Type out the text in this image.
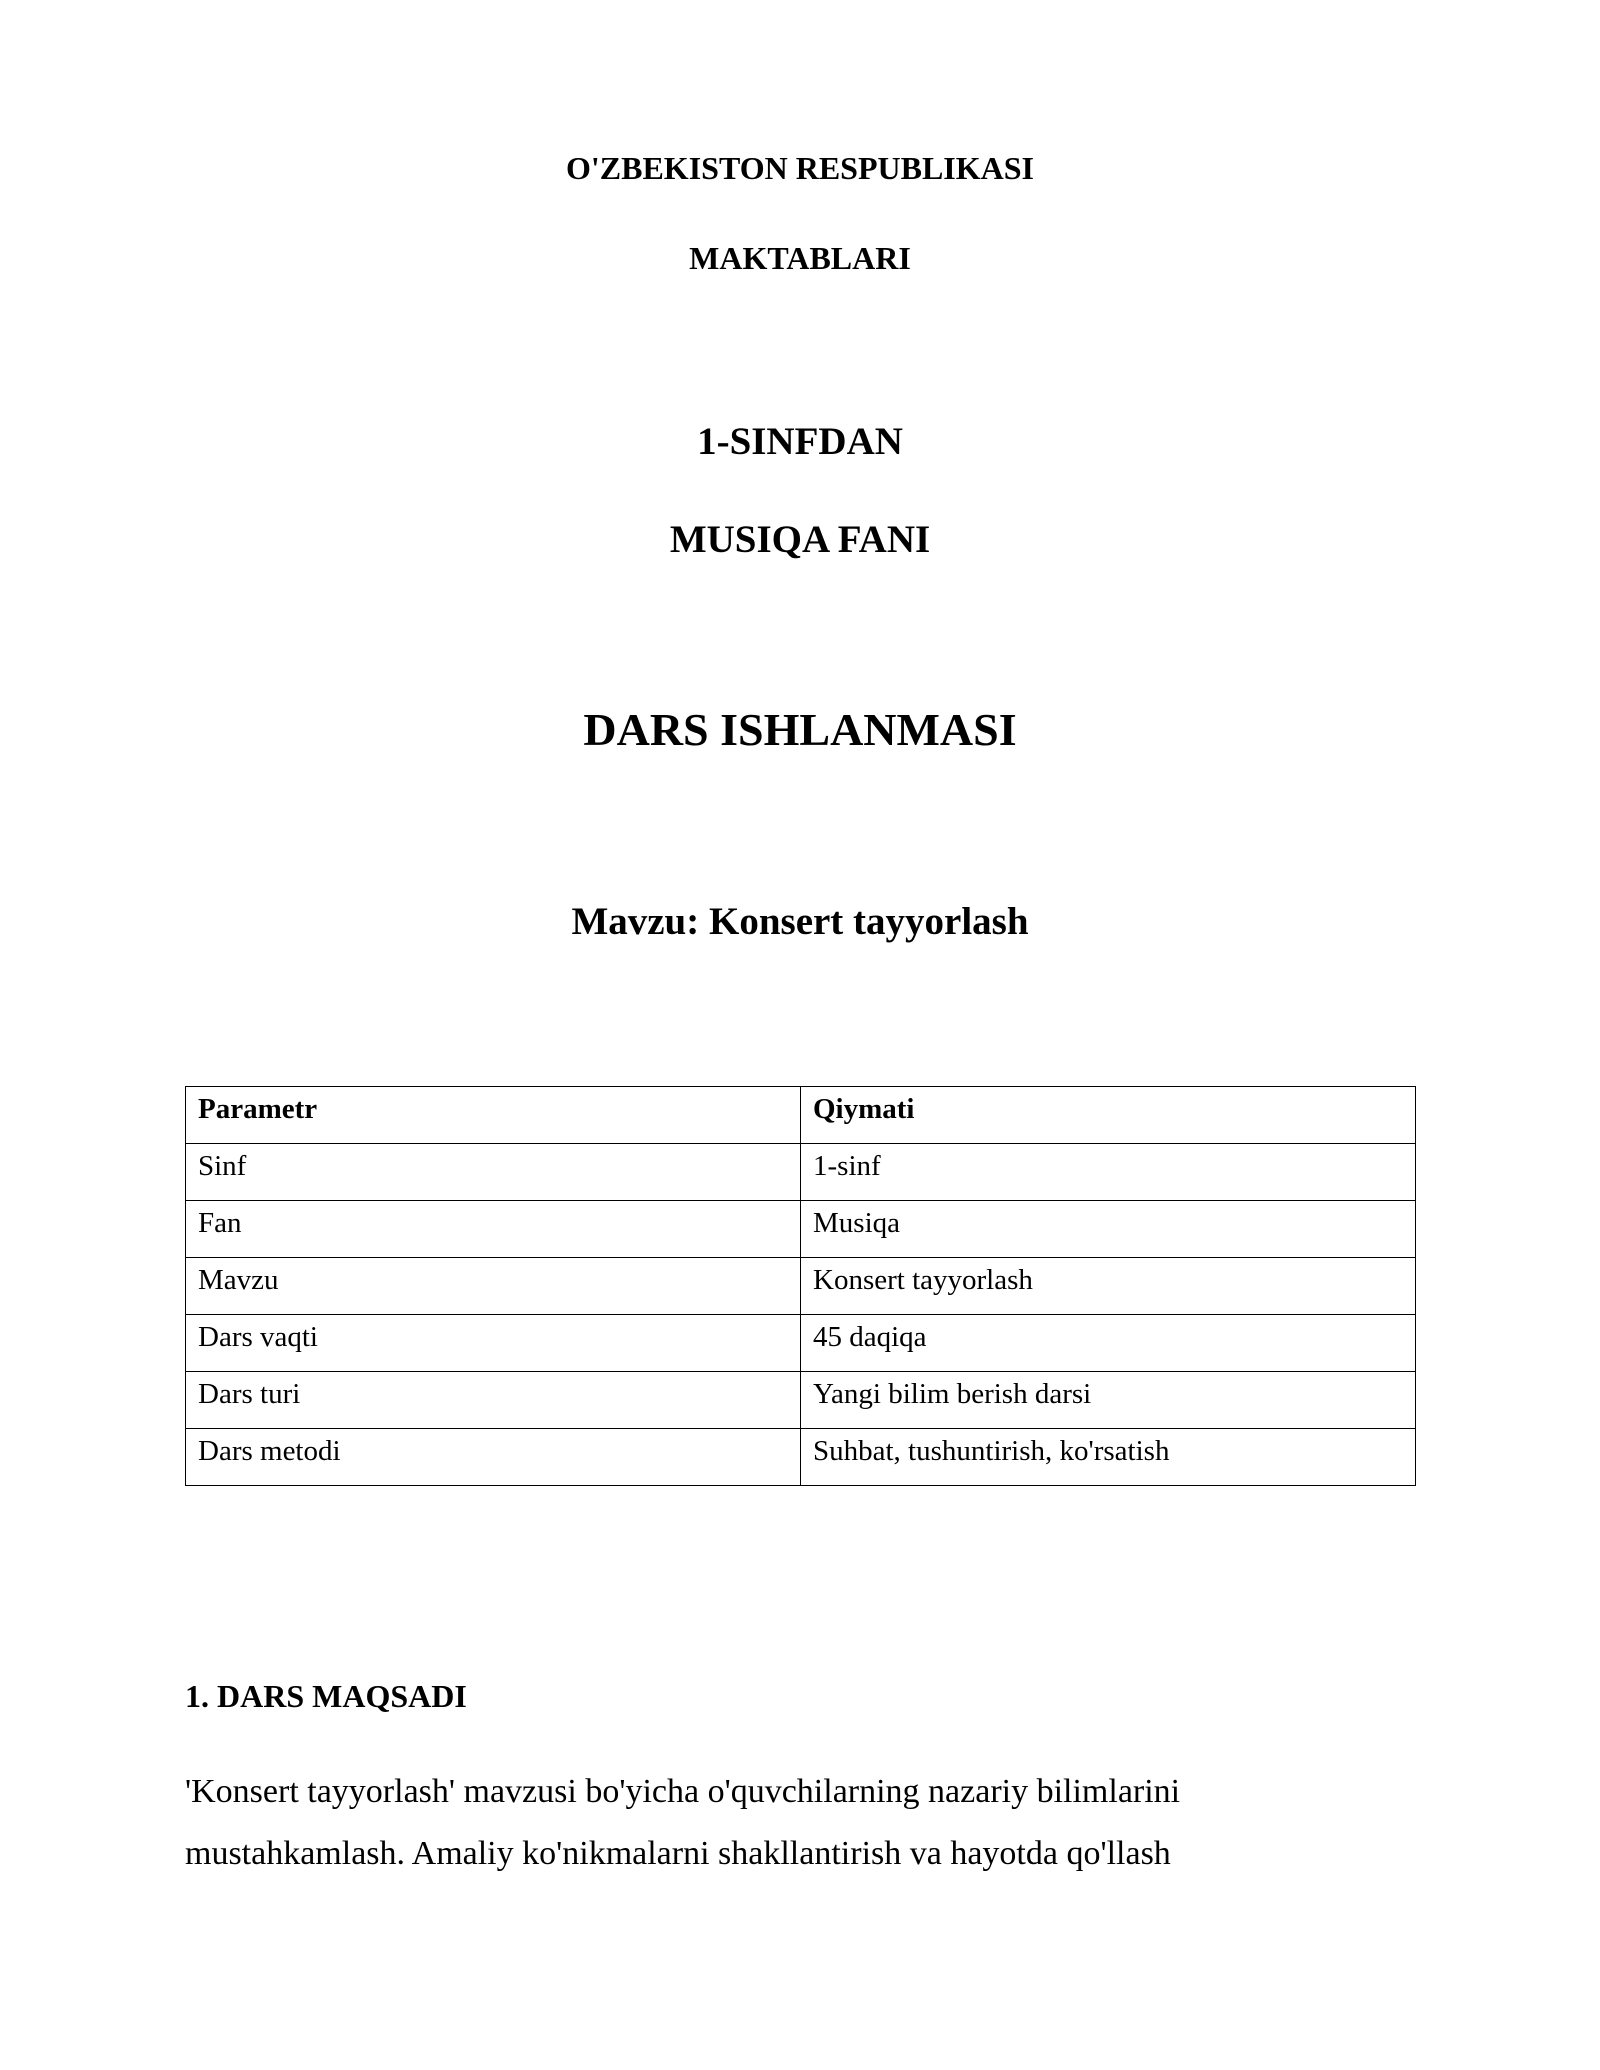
O'ZBEKISTON RESPUBLIKASI
MAKTABLARI
1-SINFDAN
MUSIQA FANI
DARS ISHLANMASI
Mavzu: Konsert tayyorlash
Parametr	Qiymati
Sinf	1-sinf
Fan	Musiqa
Mavzu	Konsert tayyorlash
Dars vaqti	45 daqiqa
Dars turi	Yangi bilim berish darsi
Dars metodi	Suhbat, tushuntirish, ko'rsatish
1. DARS MAQSADI
'Konsert tayyorlash' mavzusi bo'yicha o'quvchilarning nazariy bilimlarini
mustahkamlash. Amaliy ko'nikmalarni shakllantirish va hayotda qo'llash
